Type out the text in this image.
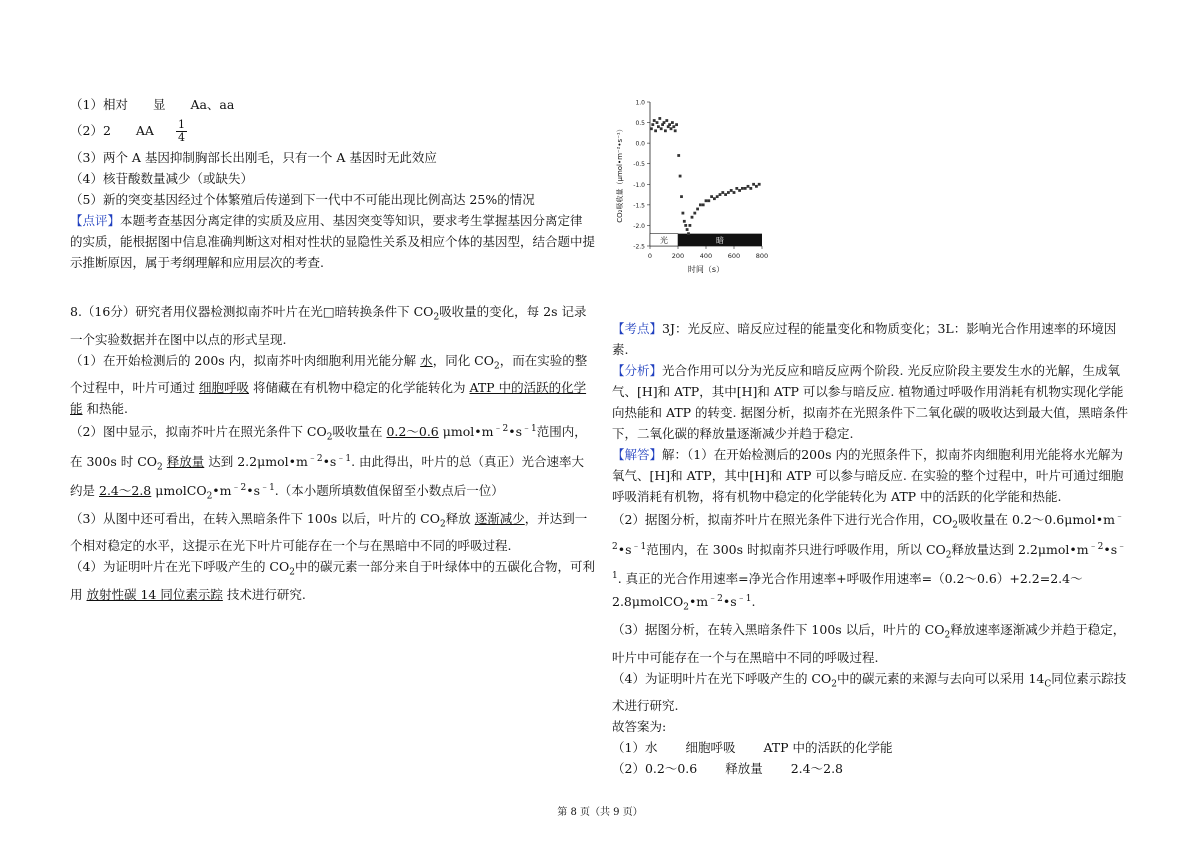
（1）相对　　显　　Aa、aa
（2）2　　AA $\frac{1}{4}$
（3）两个 A 基因抑制胸部长出刚毛，只有一个 A 基因时无此效应
（4）核苷酸数量减少（或缺失）
（5）新的突变基因经过个体繁殖后传递到下一代中不可能出现比例高达 25%的情况
【点评】本题考查基因分离定律的实质及应用、基因突变等知识，要求考生掌握基因分离定律的实质，能根据图中信息准确判断这对相对性状的显隐性关系及相应个体的基因型，结合题中提示推断原因，属于考纲理解和应用层次的考查.
8.（16分）研究者用仪器检测拟南芥叶片在光□暗转换条件下 $CO_2$吸收量的变化，每 2s 记录一个实验数据并在图中以点的形式呈现.
（1）在开始检测后的 200s 内，拟南芥叶肉细胞利用光能分解 水，同化 $CO_2$，而在实验的整个过程中，叶片可通过 细胞呼吸 将储藏在有机物中稳定的化学能转化为 ATP 中的活跃的化学能 和热能.
（2）图中显示，拟南芥叶片在照光条件下 $CO_2$吸收量在 0.2～0.6 $\mu mol•m^{﹣2}•s^{﹣1}$范围内，在 300s 时 $CO_2$ 释放量 达到 $2.2\mu mol•m^{﹣2}•s^{﹣1}$. 由此得出，叶片的总（真正）光合速率大约是 2.4～2.8 $\mu molCO_2•m^{﹣2}•s^{﹣1}$.（本小题所填数值保留至小数点后一位）
（3）从图中还可看出，在转入黑暗条件下 100s 以后，叶片的 $CO_2$释放 逐渐减少，并达到一个相对稳定的水平，这提示在光下叶片可能存在一个与在黑暗中不同的呼吸过程.
（4）为证明叶片在光下呼吸产生的 $CO_2$中的碳元素一部分来自于叶绿体中的五碳化合物，可利用 放射性碳 14 同位素示踪 技术进行研究.
1.0
0.5
0.0
-0.5
-1.0
-1.5
-2.0
-2.5
0	200 400 600 800
光	暗
CO₂吸收量（μmol•m⁻²•s⁻¹）
时间（s）
【考点】3J：光反应、暗反应过程的能量变化和物质变化；3L：影响光合作用速率的环境因素.
【分析】光合作用可以分为光反应和暗反应两个阶段. 光反应阶段主要发生水的光解，生成氧气、[H]和 ATP，其中[H]和 ATP 可以参与暗反应. 植物通过呼吸作用消耗有机物实现化学能向热能和 ATP 的转变. 据图分析，拟南芥在光照条件下二氧化碳的吸收达到最大值，黑暗条件下，二氧化碳的释放量逐渐减少并趋于稳定.
【解答】解：（1）在开始检测后的200s 内的光照条件下，拟南芥肉细胞利用光能将水光解为氧气、[H]和 ATP，其中[H]和 ATP 可以参与暗反应. 在实验的整个过程中，叶片可通过细胞呼吸消耗有机物，将有机物中稳定的化学能转化为 ATP 中的活跃的化学能和热能.
（2）据图分析，拟南芥叶片在照光条件下进行光合作用，$CO_2$吸收量在 $0.2\sim 0.6\mu mol•m^{﹣2}•s^{﹣1}$范围内，在 300s 时拟南芥只进行呼吸作用，所以 $CO_2$释放量达到 $2.2\mu mol•m^{﹣2}•s^{﹣1}$. 真正的光合作用速率=净光合作用速率+呼吸作用速率$=(0.2\sim 0.6)+2.2=2.4\sim 2.8\mu molCO_2•m^{﹣2}•s^{﹣1}$.
（3）据图分析，在转入黑暗条件下 100s 以后，叶片的 $CO_2$释放速率逐渐减少并趋于稳定，叶片中可能存在一个与在黑暗中不同的呼吸过程.
（4）为证明叶片在光下呼吸产生的 $CO_2$中的碳元素的来源与去向可以采用 $14_C$同位素示踪技术进行研究.
故答案为:
（1）水 细胞呼吸 ATP 中的活跃的化学能
（2）0.2～0.6 释放量 2.4～2.8
第 8 页（共 9 页）
